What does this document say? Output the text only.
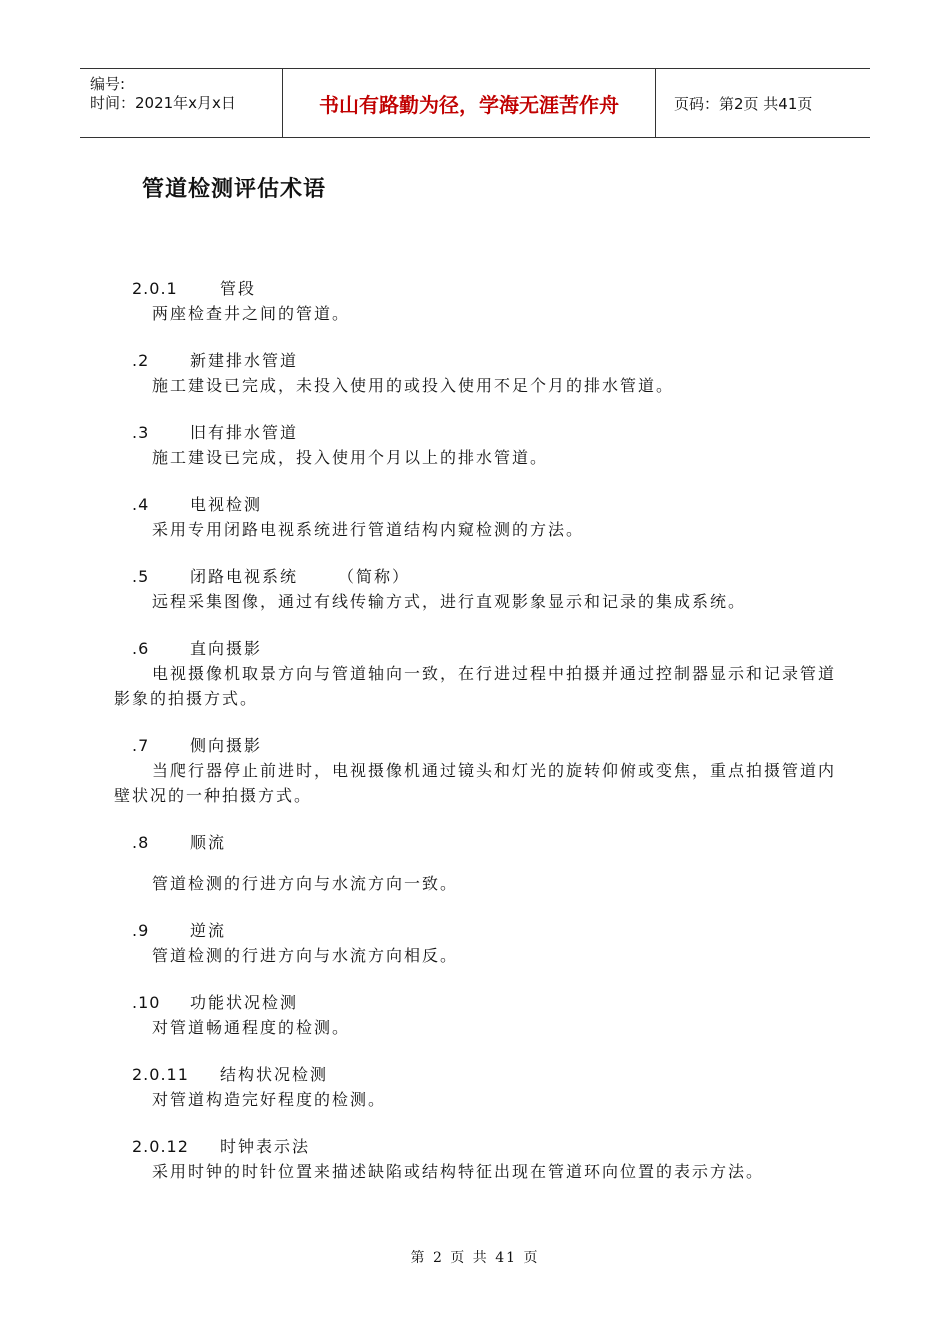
编号:
时间：2021年x月x日	书山有路勤为径，学海无涯苦作舟	页码：第2页 共41页
管道检测评估术语
2.0.1	管段
两座检查井之间的管道。
.2	新建排水管道
施工建设已完成，未投入使用的或投入使用不足个月的排水管道。
.3	旧有排水管道
施工建设已完成，投入使用个月以上的排水管道。
.4	电视检测
采用专用闭路电视系统进行管道结构内窥检测的方法。
.5	闭路电视系统	（简称）
远程采集图像，通过有线传输方式，进行直观影象显示和记录的集成系统。
.6	直向摄影
电视摄像机取景方向与管道轴向一致，在行进过程中拍摄并通过控制器显示和记录管道影象的拍摄方式。
.7	侧向摄影
当爬行器停止前进时，电视摄像机通过镜头和灯光的旋转仰俯或变焦，重点拍摄管道内壁状况的一种拍摄方式。
.8	顺流
管道检测的行进方向与水流方向一致。
.9	逆流
管道检测的行进方向与水流方向相反。
.10 功能状况检测
对管道畅通程度的检测。
2.0.11 结构状况检测
对管道构造完好程度的检测。
2.0.12 时钟表示法
采用时钟的时针位置来描述缺陷或结构特征出现在管道环向位置的表示方法。
第 2 页 共 41 页
